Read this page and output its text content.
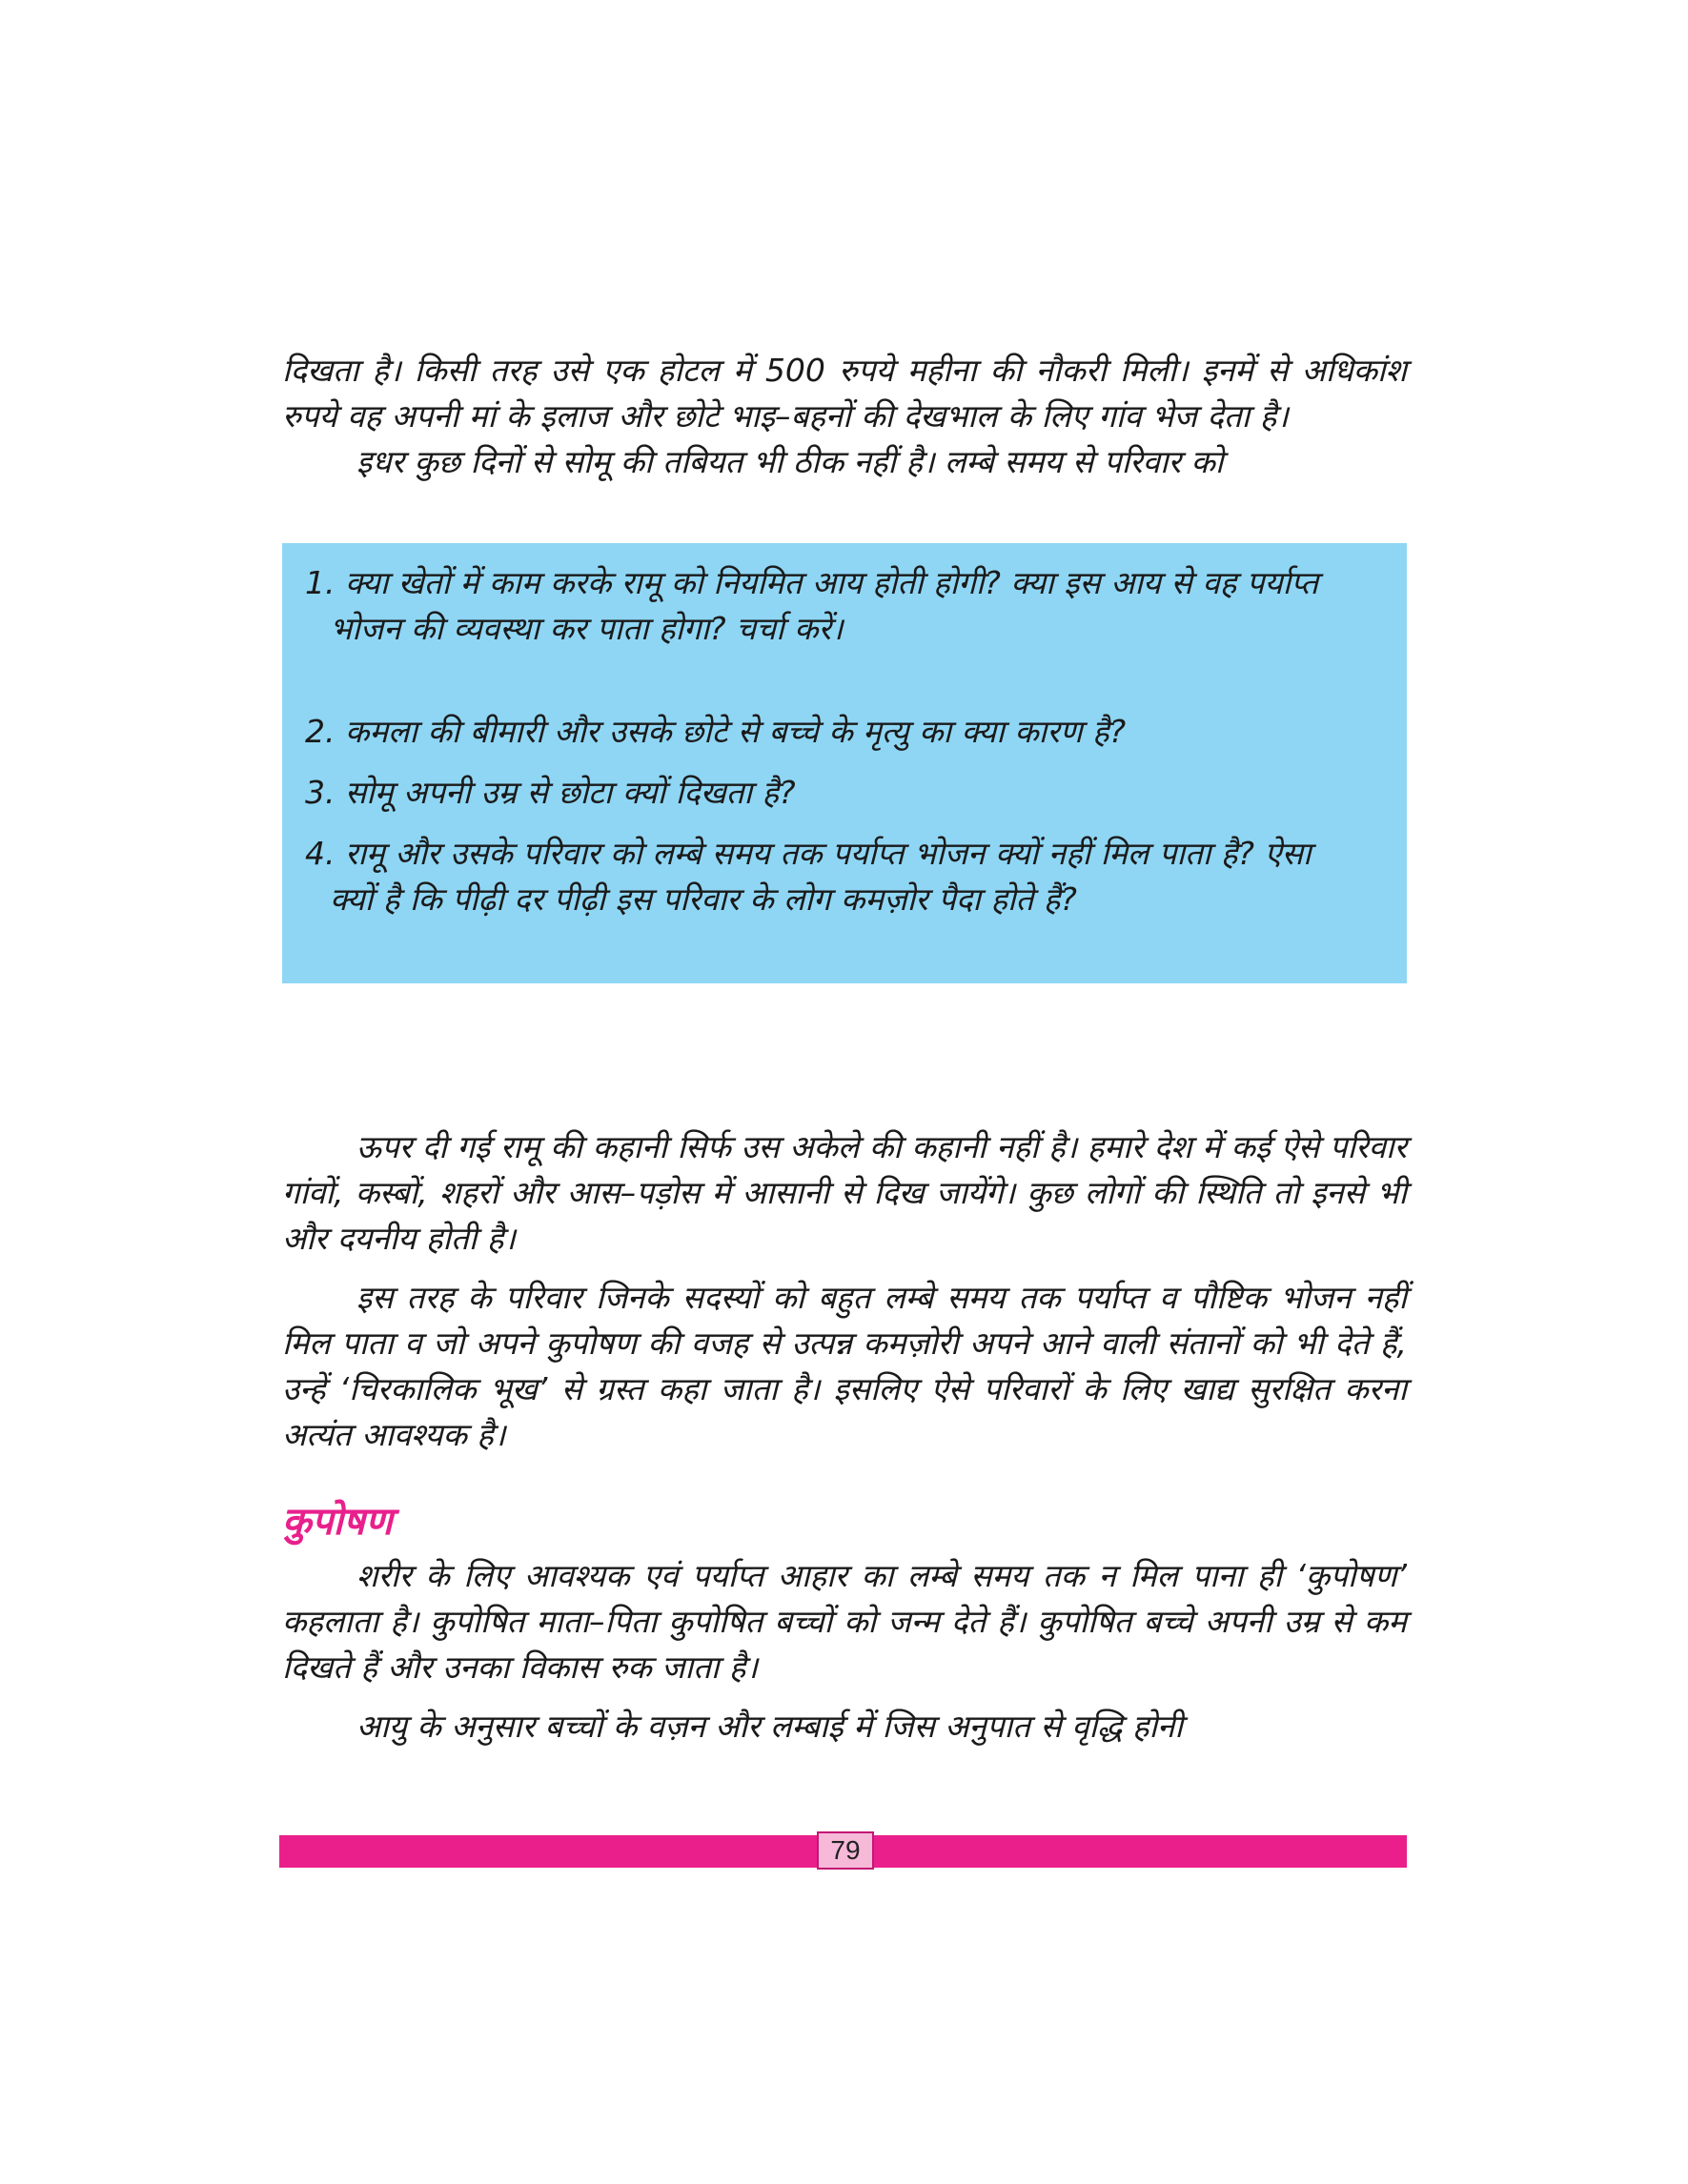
दिखता है। किसी तरह उसे एक होटल में 500 रुपये महीना की नौकरी मिली। इनमें से अधिकांश रुपये वह अपनी मां के इलाज और छोटे भाइ–बहनों की देखभाल के लिए गांव भेज देता है।

इधर कुछ दिनों से सोमू की तबियत भी ठीक नहीं है। लम्बे समय से परिवार को

1. क्या खेतों में काम करके रामू को नियमित आय होती होगी? क्या इस आय से वह पर्याप्त
भोजन की व्यवस्था कर पाता होगा? चर्चा करें।

2. कमला की बीमारी और उसके छोटे से बच्चे के मृत्यु का क्या कारण है?

3. सोमू अपनी उम्र से छोटा क्यों दिखता है?

4. रामू और उसके परिवार को लम्बे समय तक पर्याप्त भोजन क्यों नहीं मिल पाता है? ऐसा
क्यों है कि पीढ़ी दर पीढ़ी इस परिवार के लोग कमज़ोर पैदा होते हैं?

ऊपर दी गई रामू की कहानी सिर्फ उस अकेले की कहानी नहीं है। हमारे देश में कई ऐसे परिवार गांवों, कस्बों, शहरों और आस–पड़ोस में आसानी से दिख जायेंगे। कुछ लोगों की स्थिति तो इनसे भी और दयनीय होती है।

इस तरह के परिवार जिनके सदस्यों को बहुत लम्बे समय तक पर्याप्त व पौष्टिक भोजन नहीं मिल पाता व जो अपने कुपोषण की वजह से उत्पन्न कमज़ोरी अपने आने वाली संतानों को भी देते हैं, उन्हें ‘चिरकालिक भूख’ से ग्रस्त कहा जाता है। इसलिए ऐसे परिवारों के लिए खाद्य सुरक्षित करना अत्यंत आवश्यक है।

कुपोषण

शरीर के लिए आवश्यक एवं पर्याप्त आहार का लम्बे समय तक न मिल पाना ही ‘कुपोषण’ कहलाता है। कुपोषित माता–पिता कुपोषित बच्चों को जन्म देते हैं। कुपोषित बच्चे अपनी उम्र से कम दिखते हैं और उनका विकास रुक जाता है।

आयु के अनुसार बच्चों के वज़न और लम्बाई में जिस अनुपात से वृद्धि होनी

79
